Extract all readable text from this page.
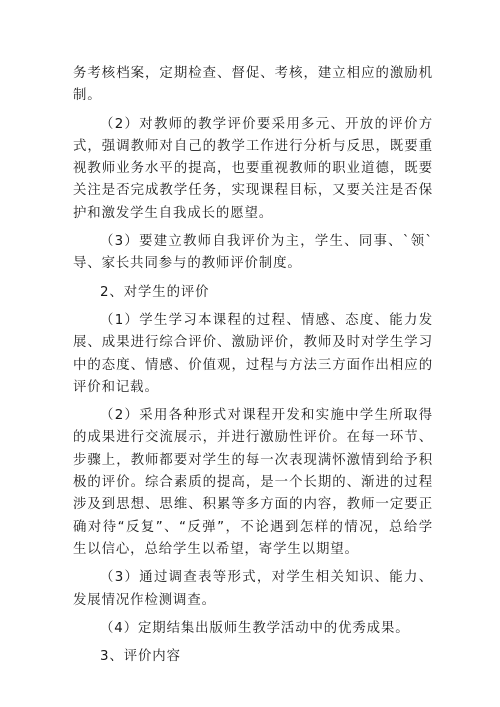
务考核档案，定期检查、督促、考核，建立相应的激励机制。

（2）对教师的教学评价要采用多元、开放的评价方式，强调教师对自己的教学工作进行分析与反思，既要重视教师业务水平的提高，也要重视教师的职业道德，既要关注是否完成教学任务，实现课程目标，又要关注是否保护和激发学生自我成长的愿望。

（3）要建立教师自我评价为主，学生、同事、`领`导、家长共同参与的教师评价制度。

2、对学生的评价

（1）学生学习本课程的过程、情感、态度、能力发展、成果进行综合评价、激励评价，教师及时对学生学习中的态度、情感、价值观，过程与方法三方面作出相应的评价和记载。

（2）采用各种形式对课程开发和实施中学生所取得的成果进行交流展示，并进行激励性评价。在每一环节、步骤上，教师都要对学生的每一次表现满怀激情到给予积极的评价。综合素质的提高，是一个长期的、渐进的过程涉及到思想、思维、积累等多方面的内容，教师一定要正确对待“反复”、“反弹”，不论遇到怎样的情况，总给学生以信心，总给学生以希望，寄学生以期望。

（3）通过调查表等形式，对学生相关知识、能力、发展情况作检测调查。

（4）定期结集出版师生教学活动中的优秀成果。

3、评价内容
